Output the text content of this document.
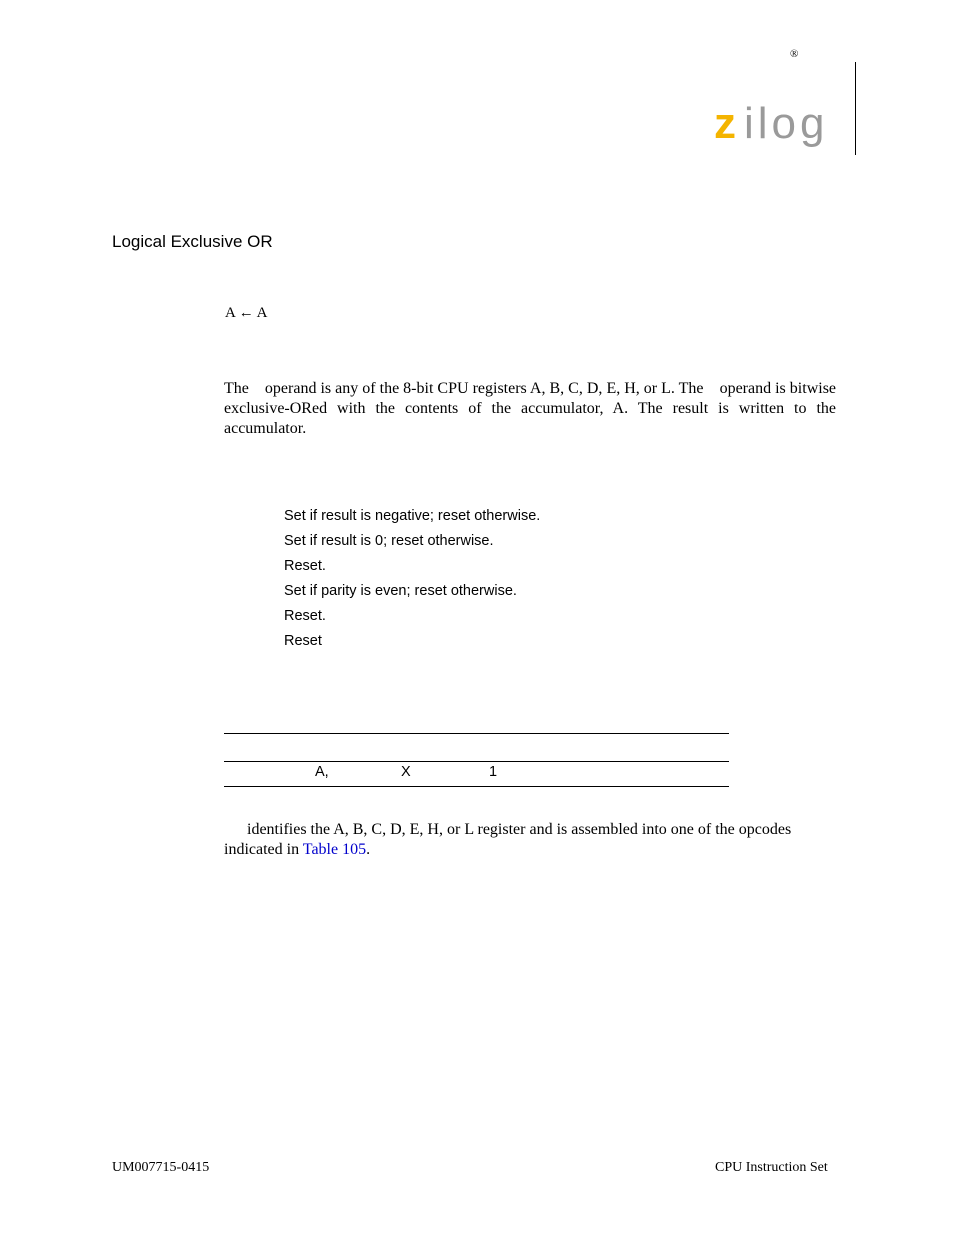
®
z ilog
Logical Exclusive OR
A ← A
The operand is any of the 8-bit CPU registers A, B, C, D, E, H, or L. The operand is bitwise exclusive-ORed with the contents of the accumulator, A. The result is written to the accumulator.
Set if result is negative; reset otherwise.
Set if result is 0; reset otherwise.
Reset.
Set if parity is even; reset otherwise.
Reset.
Reset
A,	X	1
identifies the A, B, C, D, E, H, or L register and is assembled into one of the opcodes indicated in Table 105.
UM007715-0415	CPU Instruction Set
